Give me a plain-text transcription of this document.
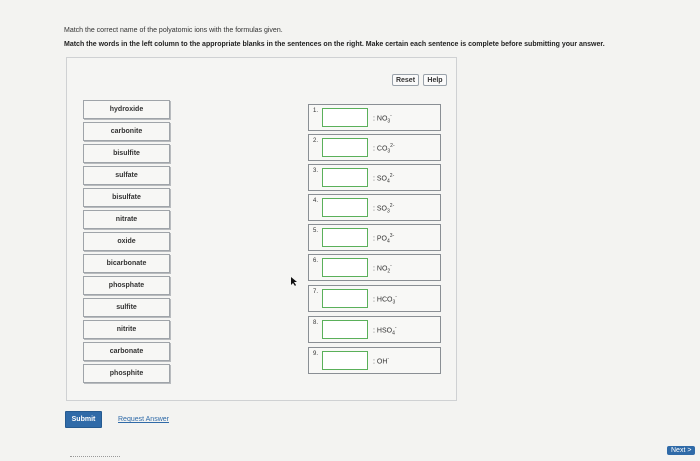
Match the correct name of the polyatomic ions with the formulas given.
Match the words in the left column to the appropriate blanks in the sentences on the right. Make certain each sentence is complete before submitting your answer.
Reset	Help
hydroxide
carbonite
bisulfite
sulfate
bisulfate
nitrate
oxide
bicarbonate
phosphate
sulfite
nitrite
carbonate
phosphite
1.
: $NO_3^-$
2.
: $CO_3^{2-}$
3.
: $SO_4^{2-}$
4.
: $SO_3^{2-}$
5.
: $PO_4^{3-}$
6.
: $NO_2^-$
7.
: $HCO_3^-$
8.
: $HSO_4^-$
9.
: OH-
Submit	Request Answer
Next >
